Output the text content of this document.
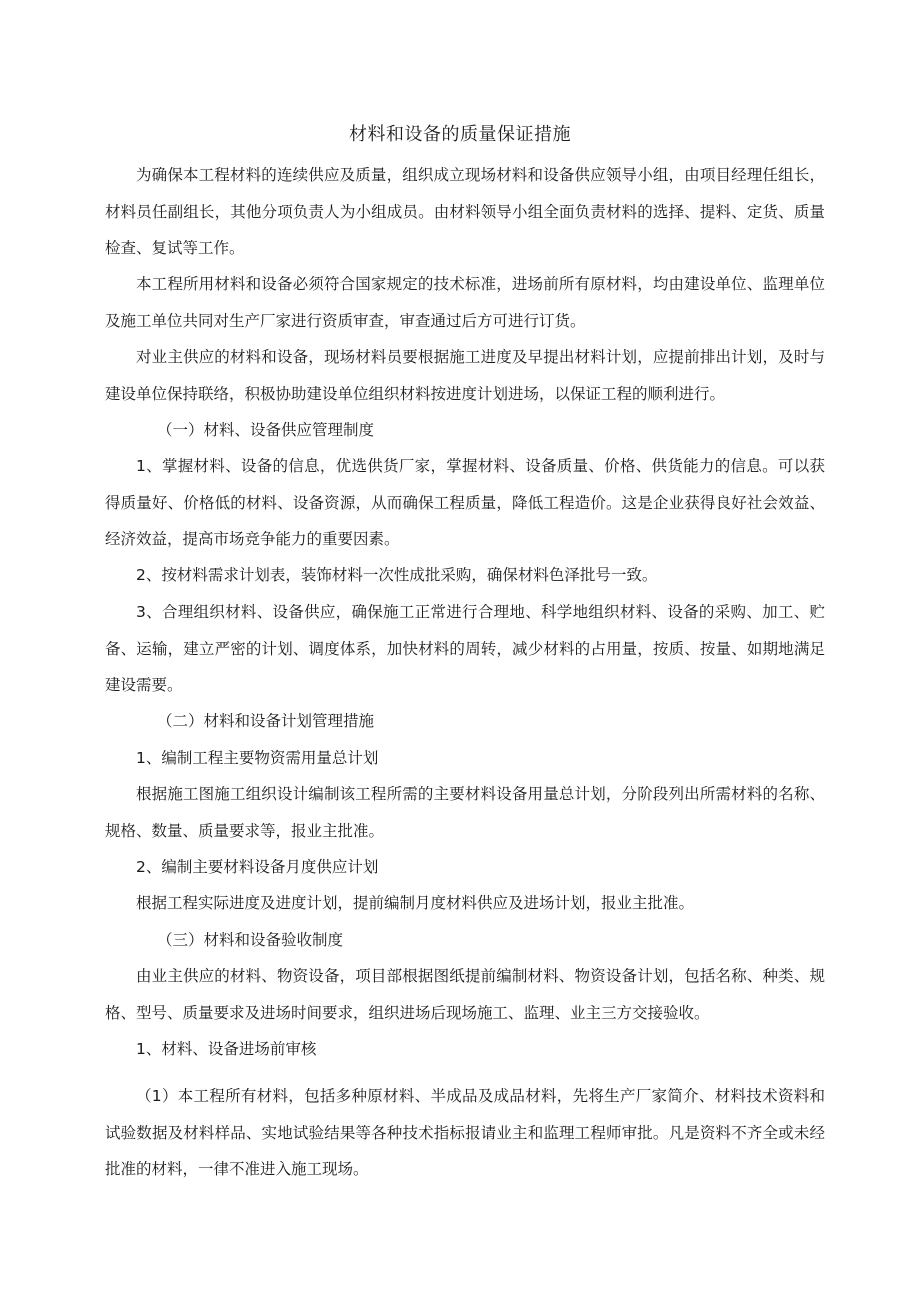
材料和设备的质量保证措施

为确保本工程材料的连续供应及质量，组织成立现场材料和设备供应领导小组，由项目经理任组长，材料员任副组长，其他分项负责人为小组成员。由材料领导小组全面负责材料的选择、提料、定货、质量检查、复试等工作。

本工程所用材料和设备必须符合国家规定的技术标准，进场前所有原材料，均由建设单位、监理单位及施工单位共同对生产厂家进行资质审查，审查通过后方可进行订货。

对业主供应的材料和设备，现场材料员要根据施工进度及早提出材料计划，应提前排出计划，及时与建设单位保持联络，积极协助建设单位组织材料按进度计划进场，以保证工程的顺利进行。

（一）材料、设备供应管理制度

1、掌握材料、设备的信息，优选供货厂家，掌握材料、设备质量、价格、供货能力的信息。可以获得质量好、价格低的材料、设备资源，从而确保工程质量，降低工程造价。这是企业获得良好社会效益、经济效益，提高市场竞争能力的重要因素。

2、按材料需求计划表，装饰材料一次性成批采购，确保材料色泽批号一致。

3、合理组织材料、设备供应，确保施工正常进行合理地、科学地组织材料、设备的采购、加工、贮备、运输，建立严密的计划、调度体系，加快材料的周转，减少材料的占用量，按质、按量、如期地满足建设需要。

（二）材料和设备计划管理措施

1、编制工程主要物资需用量总计划

根据施工图施工组织设计编制该工程所需的主要材料设备用量总计划，分阶段列出所需材料的名称、规格、数量、质量要求等，报业主批准。

2、编制主要材料设备月度供应计划

根据工程实际进度及进度计划，提前编制月度材料供应及进场计划，报业主批准。

（三）材料和设备验收制度

由业主供应的材料、物资设备，项目部根据图纸提前编制材料、物资设备计划，包括名称、种类、规格、型号、质量要求及进场时间要求，组织进场后现场施工、监理、业主三方交接验收。

1、材料、设备进场前审核

（1）本工程所有材料，包括多种原材料、半成品及成品材料，先将生产厂家简介、材料技术资料和试验数据及材料样品、实地试验结果等各种技术指标报请业主和监理工程师审批。凡是资料不齐全或未经批准的材料，一律不准进入施工现场。
